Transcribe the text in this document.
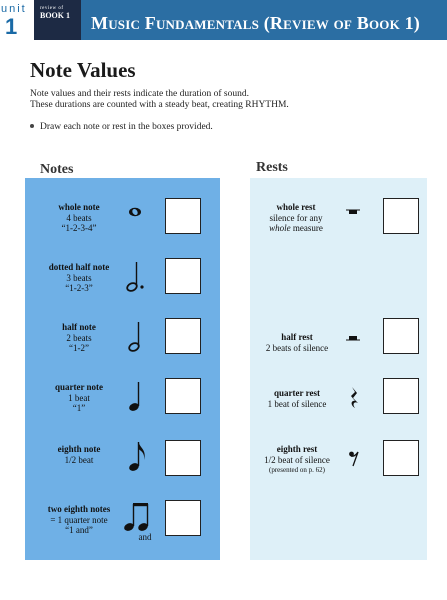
unit
1
review of
BOOK 1 Music Fundamentals (Review of Book 1)
Note Values
Note values and their rests indicate the duration of sound.
These durations are counted with a steady beat, creating RHYTHM.
Draw each note or rest in the boxes provided.
Notes	Rests
whole note
4 beats
“1-2-3-4”
dotted half note
3 beats
“1-2-3”
half note
2 beats
“1-2”
quarter note
1 beat
“1”
eighth note
1/2 beat
two eighth notes
= 1 quarter note
“1 and”
and
whole rest
silence for any
whole measure
half rest
2 beats of silence
quarter rest
1 beat of silence
eighth rest
1/2 beat of silence
(presented on p. 62)
